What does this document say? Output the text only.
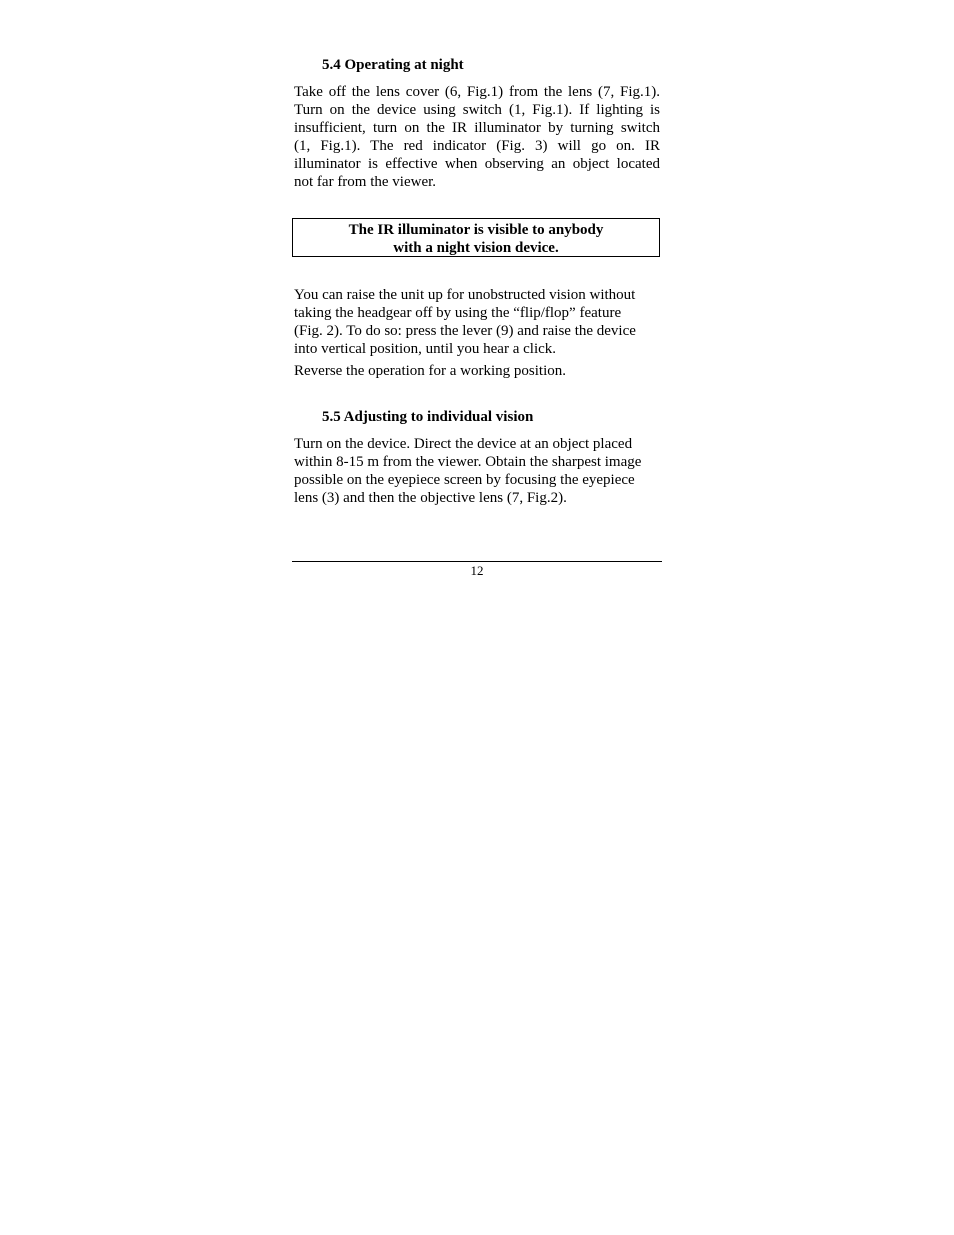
5.4 Operating at night
Take off the lens cover (6, Fig.1) from the lens (7, Fig.1).
Turn on the device using switch (1, Fig.1). If lighting is
insufficient, turn on the IR illuminator by turning switch
(1, Fig.1). The red indicator (Fig. 3) will go on. IR
illuminator is effective when observing an object located
not far from the viewer.
You can raise the unit up for unobstructed vision without
taking the headgear off by using the “flip/flop” feature
(Fig. 2). To do so: press the lever (9) and raise the device
into vertical position, until you hear a click.
Reverse the operation for a working position.
5.5 Adjusting to individual vision
Turn on the device. Direct the device at an object placed
within 8-15 m from the viewer. Obtain the sharpest image
possible on the eyepiece screen by focusing the eyepiece
lens (3) and then the objective lens (7, Fig.2).
The IR illuminator is visible to anybody
with a night vision device.
12
